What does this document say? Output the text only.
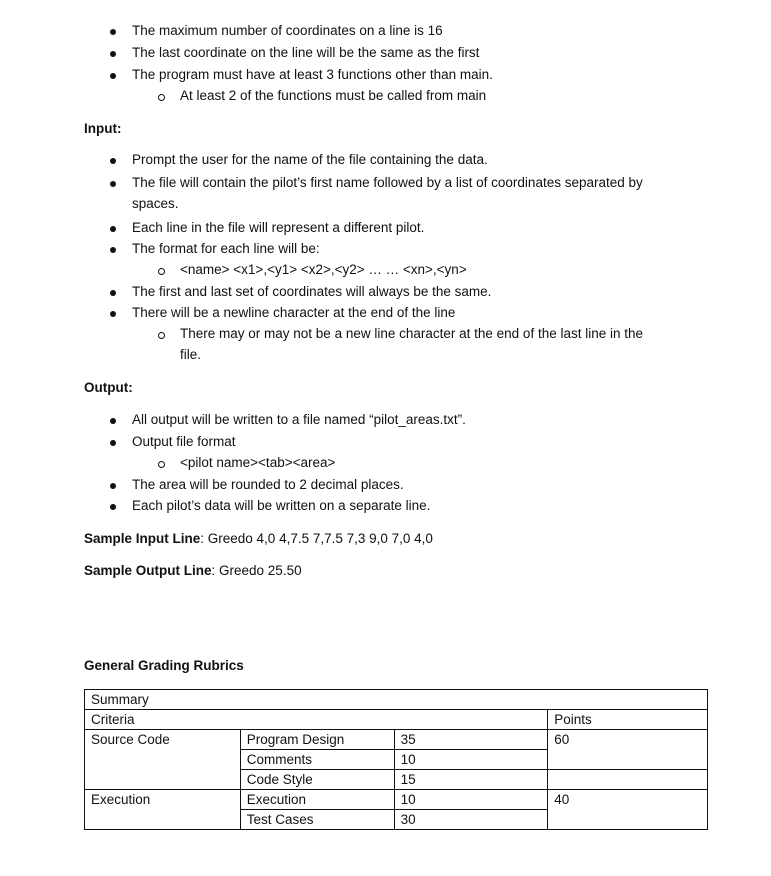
The maximum number of coordinates on a line is 16
The last coordinate on the line will be the same as the first
The program must have at least 3 functions other than main.
At least 2 of the functions must be called from main
Input:
Prompt the user for the name of the file containing the data.
The file will contain the pilot’s first name followed by a list of coordinates separated by
spaces.
Each line in the file will represent a different pilot.
The format for each line will be:
<name> <x1>,<y1> <x2>,<y2> … … <xn>,<yn>
The first and last set of coordinates will always be the same.
There will be a newline character at the end of the line
There may or may not be a new line character at the end of the last line in the
file.
Output:
All output will be written to a file named “pilot_areas.txt”.
Output file format
<pilot name><tab><area>
The area will be rounded to 2 decimal places.
Each pilot’s data will be written on a separate line.
Sample Input Line: Greedo 4,0 4,7.5 7,7.5 7,3 9,0 7,0 4,0
Sample Output Line: Greedo 25.50
General Grading Rubrics
Summary			
Criteria			Points
Source Code	Program Design	35	60
	Comments	10	
	Code Style	15	
Execution	Execution	10	40
	Test Cases	30	
